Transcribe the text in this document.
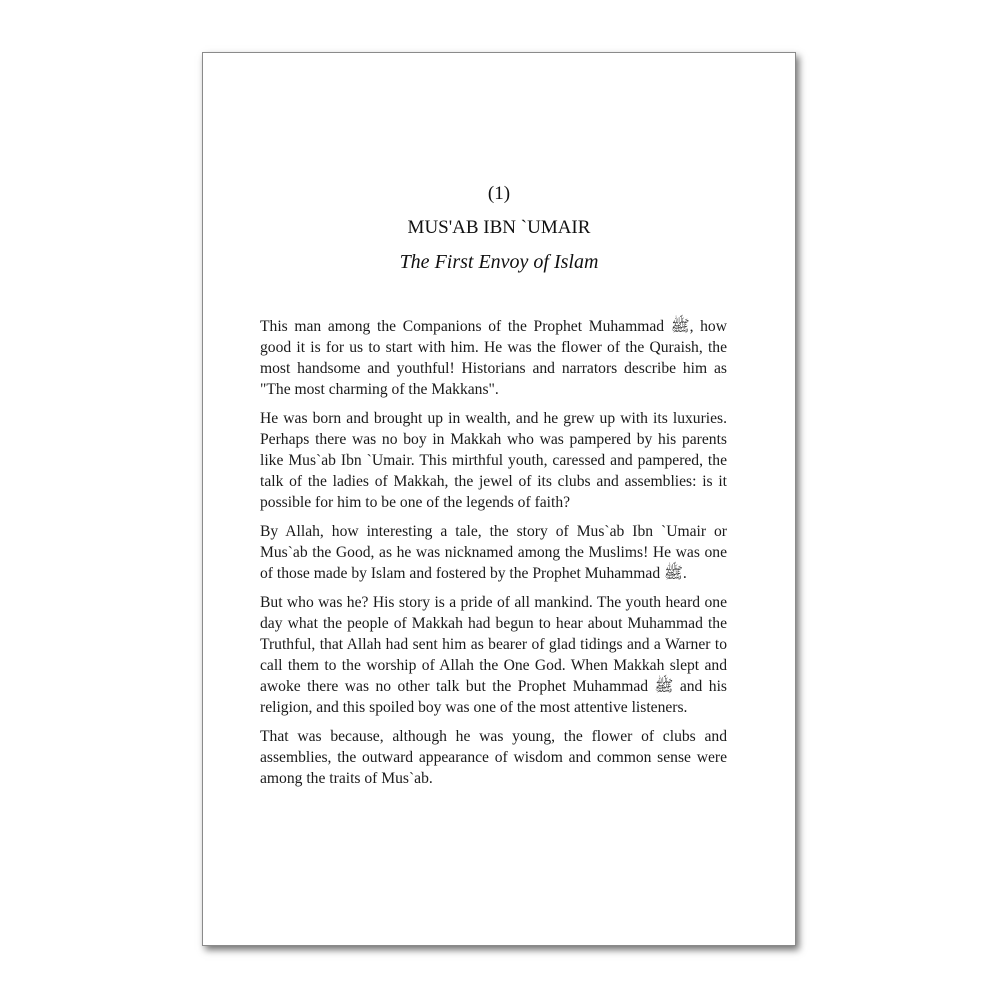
(1)
MUS'AB IBN `UMAIR
The First Envoy of Islam

This man among the Companions of the Prophet Muhammad ﷺ, how good it is for us to start with him. He was the flower of the Quraish, the most handsome and youthful! Historians and narrators describe him as "The most charming of the Makkans".

He was born and brought up in wealth, and he grew up with its luxuries. Perhaps there was no boy in Makkah who was pampered by his parents like Mus`ab Ibn `Umair. This mirthful youth, caressed and pampered, the talk of the ladies of Makkah, the jewel of its clubs and assemblies: is it possible for him to be one of the legends of faith?

By Allah, how interesting a tale, the story of Mus`ab Ibn `Umair or Mus`ab the Good, as he was nicknamed among the Muslims! He was one of those made by Islam and fostered by the Prophet Muhammad ﷺ.

But who was he? His story is a pride of all mankind. The youth heard one day what the people of Makkah had begun to hear about Muhammad the Truthful, that Allah had sent him as bearer of glad tidings and a Warner to call them to the worship of Allah the One God. When Makkah slept and awoke there was no other talk but the Prophet Muhammad ﷺ and his religion, and this spoiled boy was one of the most attentive listeners.

That was because, although he was young, the flower of clubs and assemblies, the outward appearance of wisdom and common sense were among the traits of Mus`ab.
